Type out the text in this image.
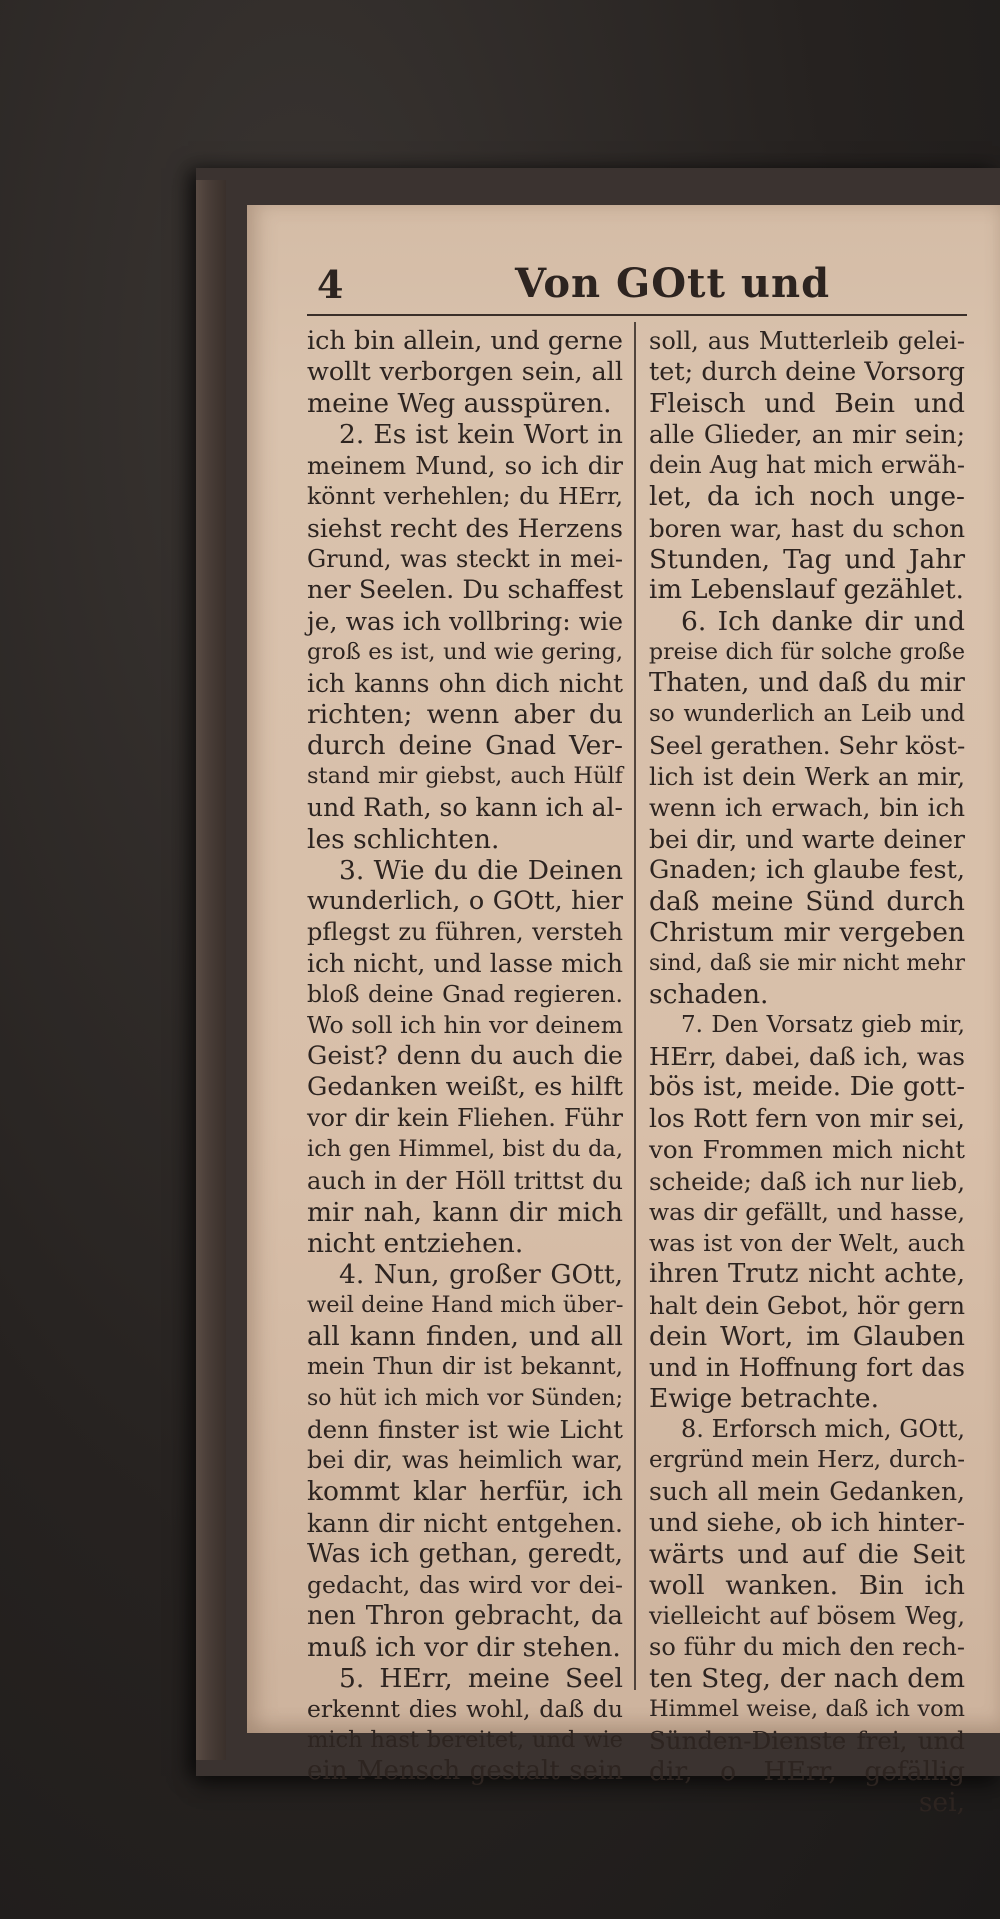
4	Von GOtt und
ich bin allein, und gerne
wollt verborgen sein, all
meine Weg ausspüren.
2. Es ist kein Wort in
meinem Mund, so ich dir
könnt verhehlen; du HErr,
siehst recht des Herzens
Grund, was steckt in mei-
ner Seelen. Du schaffest
je, was ich vollbring: wie
groß es ist, und wie gering,
ich kanns ohn dich nicht
richten; wenn aber du
durch deine Gnad Ver-
stand mir giebst, auch Hülf
und Rath, so kann ich al-
les schlichten.
3. Wie du die Deinen
wunderlich, o GOtt, hier
pflegst zu führen, versteh
ich nicht, und lasse mich
bloß deine Gnad regieren.
Wo soll ich hin vor deinem
Geist? denn du auch die
Gedanken weißt, es hilft
vor dir kein Fliehen. Führ
ich gen Himmel, bist du da,
auch in der Höll trittst du
mir nah, kann dir mich
nicht entziehen.
4. Nun, großer GOtt,
weil deine Hand mich über-
all kann finden, und all
mein Thun dir ist bekannt,
so hüt ich mich vor Sünden;
denn finster ist wie Licht
bei dir, was heimlich war,
kommt klar herfür, ich
kann dir nicht entgehen.
Was ich gethan, geredt,
gedacht, das wird vor dei-
nen Thron gebracht, da
muß ich vor dir stehen.
5. HErr, meine Seel
erkennt dies wohl, daß du
mich hast bereitet, und wie
ein Mensch gestalt sein
soll, aus Mutterleib gelei-
tet; durch deine Vorsorg
Fleisch und Bein und
alle Glieder, an mir sein;
dein Aug hat mich erwäh-
let, da ich noch unge-
boren war, hast du schon
Stunden, Tag und Jahr
im Lebenslauf gezählet.
6. Ich danke dir und
preise dich für solche große
Thaten, und daß du mir
so wunderlich an Leib und
Seel gerathen. Sehr köst-
lich ist dein Werk an mir,
wenn ich erwach, bin ich
bei dir, und warte deiner
Gnaden; ich glaube fest,
daß meine Sünd durch
Christum mir vergeben
sind, daß sie mir nicht mehr
schaden.
7. Den Vorsatz gieb mir,
HErr, dabei, daß ich, was
bös ist, meide. Die gott-
los Rott fern von mir sei,
von Frommen mich nicht
scheide; daß ich nur lieb,
was dir gefällt, und hasse,
was ist von der Welt, auch
ihren Trutz nicht achte,
halt dein Gebot, hör gern
dein Wort, im Glauben
und in Hoffnung fort das
Ewige betrachte.
8. Erforsch mich, GOtt,
ergründ mein Herz, durch-
such all mein Gedanken,
und siehe, ob ich hinter-
wärts und auf die Seit
woll wanken. Bin ich
vielleicht auf bösem Weg,
so führ du mich den rech-
ten Steg, der nach dem
Himmel weise, daß ich vom
Sünden-Dienste frei, und
dir, o HErr, gefällig
sei,
